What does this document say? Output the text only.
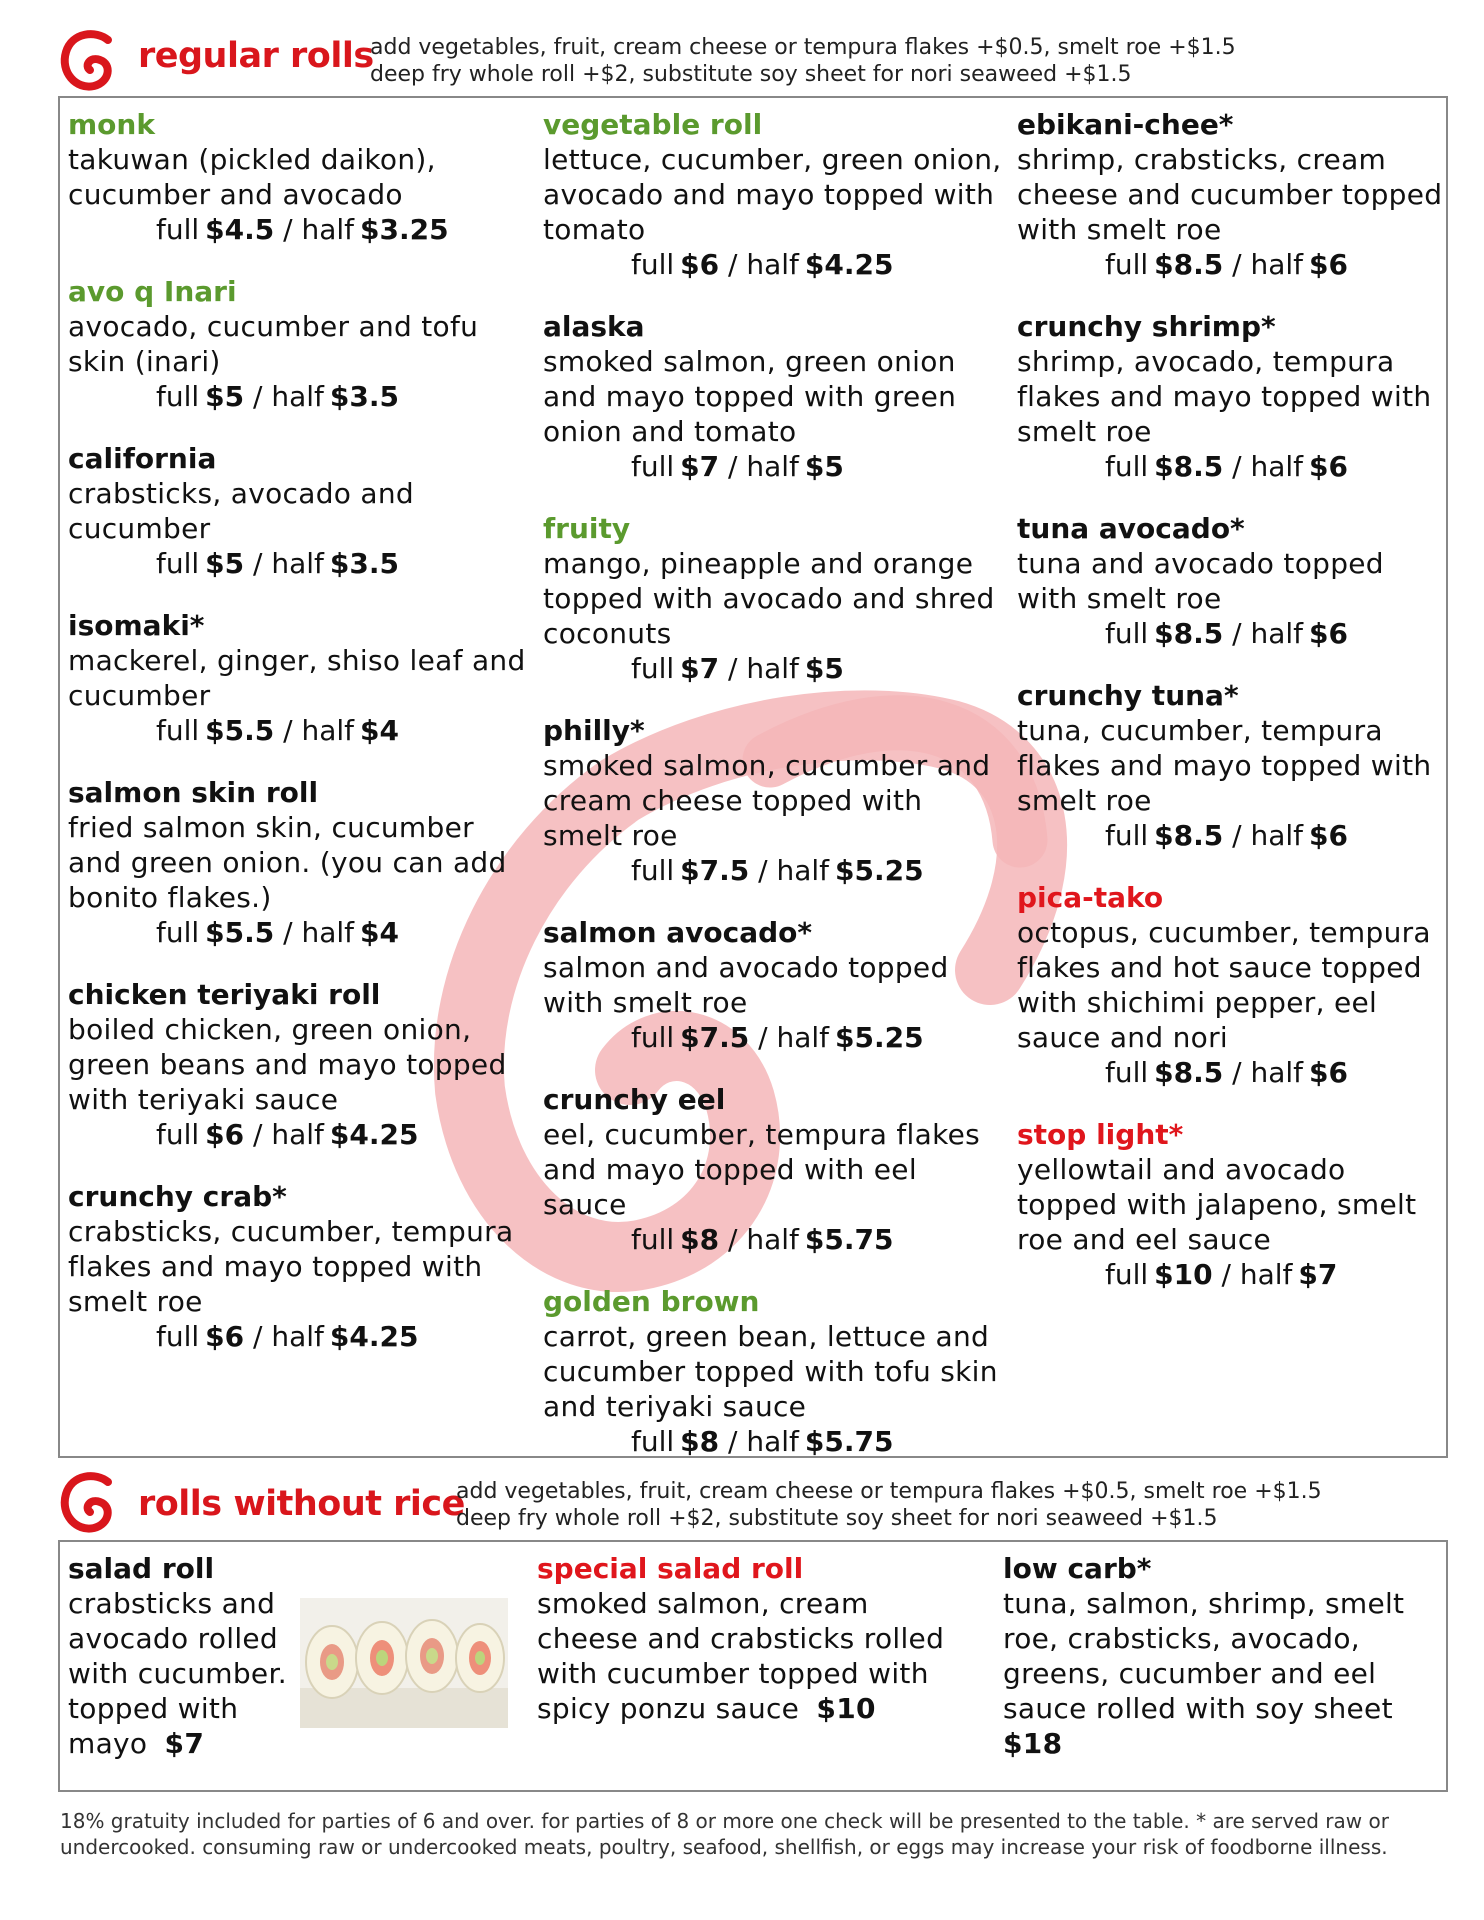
regular rolls
add vegetables, fruit, cream cheese or tempura flakes +$0.5, smelt roe +$1.5
deep fry whole roll +$2, substitute soy sheet for nori seaweed +$1.5
monk
takuwan (pickled daikon), cucumber and avocado
full $4.5 / half $3.25
avo q Inari
avocado, cucumber and tofu skin (inari)
full $5 / half $3.5
california
crabsticks, avocado and cucumber
full $5 / half $3.5
isomaki*
mackerel, ginger, shiso leaf and cucumber
full $5.5 / half $4
salmon skin roll
fried salmon skin, cucumber and green onion. (you can add bonito flakes.)
full $5.5 / half $4
chicken teriyaki roll
boiled chicken, green onion, green beans and mayo topped with teriyaki sauce
full $6 / half $4.25
crunchy crab*
crabsticks, cucumber, tempura flakes and mayo topped with smelt roe
full $6 / half $4.25
vegetable roll
lettuce, cucumber, green onion, avocado and mayo topped with tomato
full $6 / half $4.25
alaska
smoked salmon, green onion and mayo topped with green onion and tomato
full $7 / half $5
fruity
mango, pineapple and orange topped with avocado and shred coconuts
full $7 / half $5
philly*
smoked salmon, cucumber and cream cheese topped with smelt roe
full $7.5 / half $5.25
salmon avocado*
salmon and avocado topped with smelt roe
full $7.5 / half $5.25
crunchy eel
eel, cucumber, tempura flakes and mayo topped with eel sauce
full $8 / half $5.75
golden brown
carrot, green bean, lettuce and cucumber topped with tofu skin and teriyaki sauce
full $8 / half $5.75
ebikani-chee*
shrimp, crabsticks, cream cheese and cucumber topped with smelt roe
full $8.5 / half $6
crunchy shrimp*
shrimp, avocado, tempura flakes and mayo topped with smelt roe
full $8.5 / half $6
tuna avocado*
tuna and avocado topped with smelt roe
full $8.5 / half $6
crunchy tuna*
tuna, cucumber, tempura flakes and mayo topped with smelt roe
full $8.5 / half $6
pica-tako
octopus, cucumber, tempura flakes and hot sauce topped with shichimi pepper, eel sauce and nori
full $8.5 / half $6
stop light*
yellowtail and avocado topped with jalapeno, smelt roe and eel sauce
full $10 / half $7
rolls without rice
add vegetables, fruit, cream cheese or tempura flakes +$0.5, smelt roe +$1.5
deep fry whole roll +$2, substitute soy sheet for nori seaweed +$1.5
salad roll
crabsticks and avocado rolled with cucumber. topped with mayo $7
special salad roll
smoked salmon, cream cheese and crabsticks rolled with cucumber topped with spicy ponzu sauce $10
low carb*
tuna, salmon, shrimp, smelt roe, crabsticks, avocado, greens, cucumber and eel sauce rolled with soy sheet
$18
18% gratuity included for parties of 6 and over. for parties of 8 or more one check will be presented to the table. * are served raw or
undercooked. consuming raw or undercooked meats, poultry, seafood, shellfish, or eggs may increase your risk of foodborne illness.
